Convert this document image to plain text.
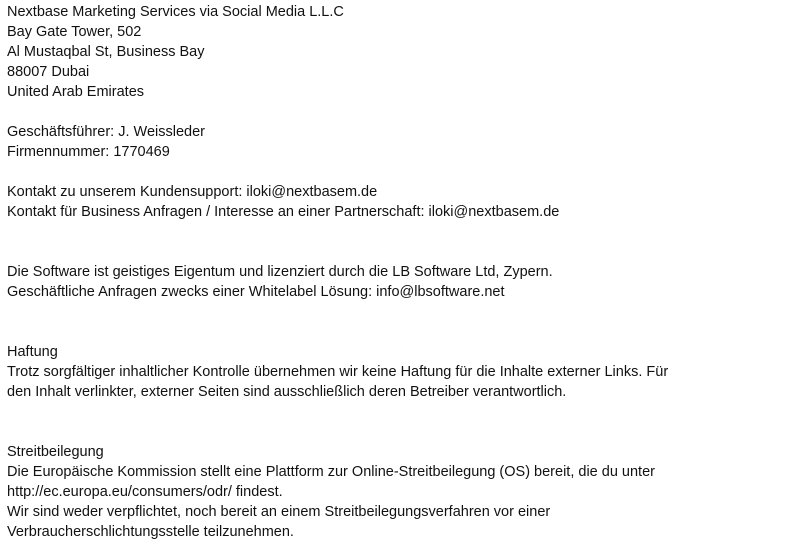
Nextbase Marketing Services via Social Media L.L.C
Bay Gate Tower, 502
Al Mustaqbal St, Business Bay
88007 Dubai
United Arab Emirates
Geschäftsführer: J. Weissleder
Firmennummer: 1770469
Kontakt zu unserem Kundensupport: iloki@nextbasem.de
Kontakt für Business Anfragen / Interesse an einer Partnerschaft: iloki@nextbasem.de
Die Software ist geistiges Eigentum und lizenziert durch die LB Software Ltd, Zypern.
Geschäftliche Anfragen zwecks einer Whitelabel Lösung: info@lbsoftware.net
Haftung
Trotz sorgfältiger inhaltlicher Kontrolle übernehmen wir keine Haftung für die Inhalte externer Links. Für den Inhalt verlinkter, externer Seiten sind ausschließlich deren Betreiber verantwortlich.
Streitbeilegung
Die Europäische Kommission stellt eine Plattform zur Online-Streitbeilegung (OS) bereit, die du unter http://ec.europa.eu/consumers/odr/ findest.
Wir sind weder verpflichtet, noch bereit an einem Streitbeilegungsverfahren vor einer Verbraucherschlichtungsstelle teilzunehmen.
